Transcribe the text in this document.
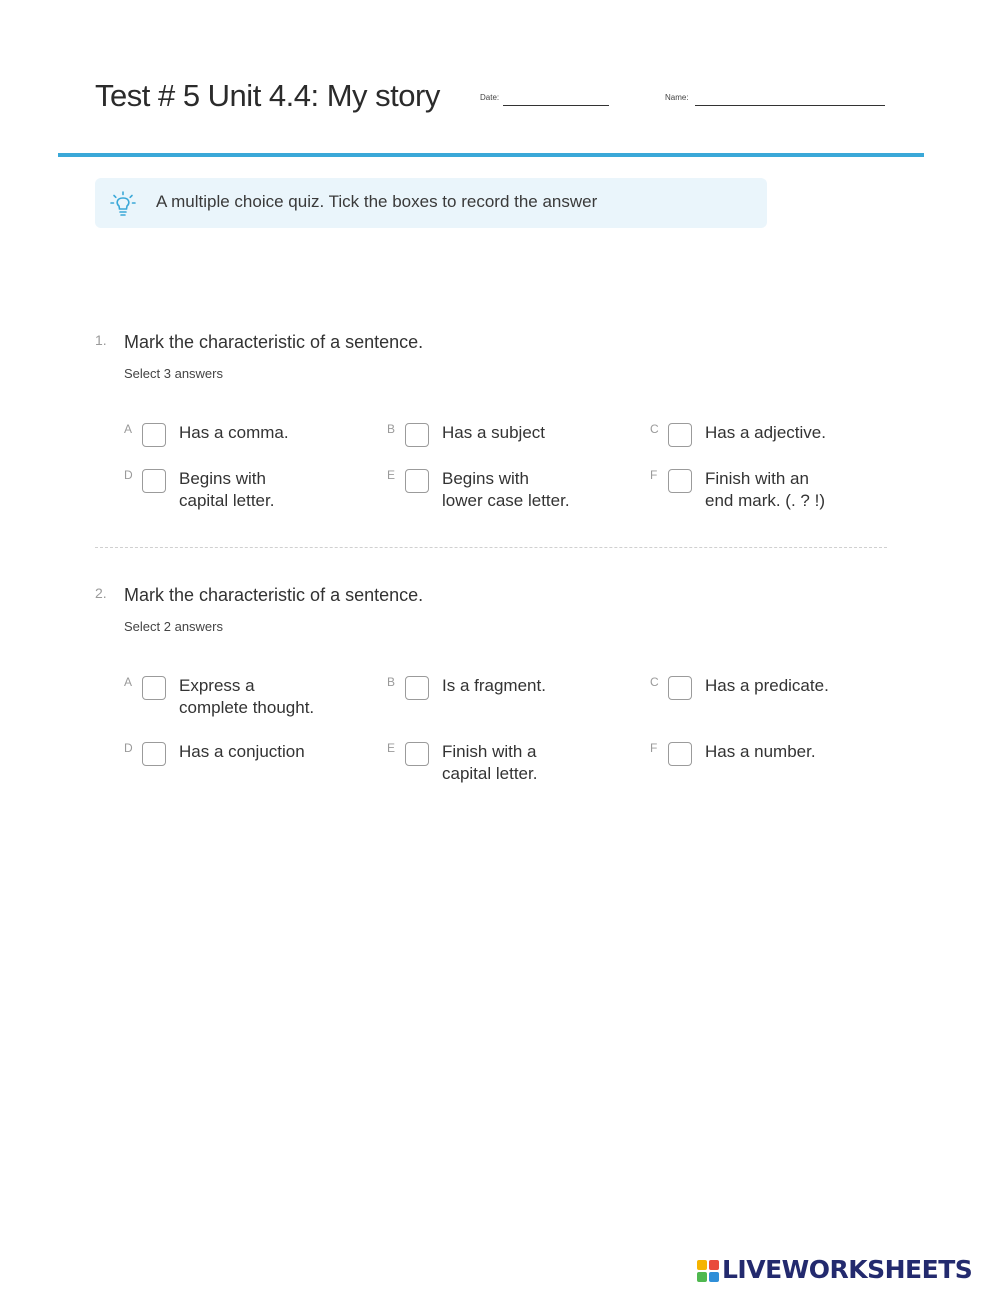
Test # 5 Unit 4.4: My story	Date:	Name:
A multiple choice quiz. Tick the boxes to record the answer
1. Mark the characteristic of a sentence.
Select 3 answers
A	Has a comma.	B	Has a subject	C	Has a adjective.
D	Begins with
capital letter.
E	Begins with
lower case letter.
F	Finish with an
end mark. (. ? !)
2. Mark the characteristic of a sentence.
Select 2 answers
A	Express a
complete thought.
B	Is a fragment.	C	Has a predicate.
D	Has a conjuction	E	Finish with a
capital letter.
F	Has a number.
LIVEWORKSHEETS
